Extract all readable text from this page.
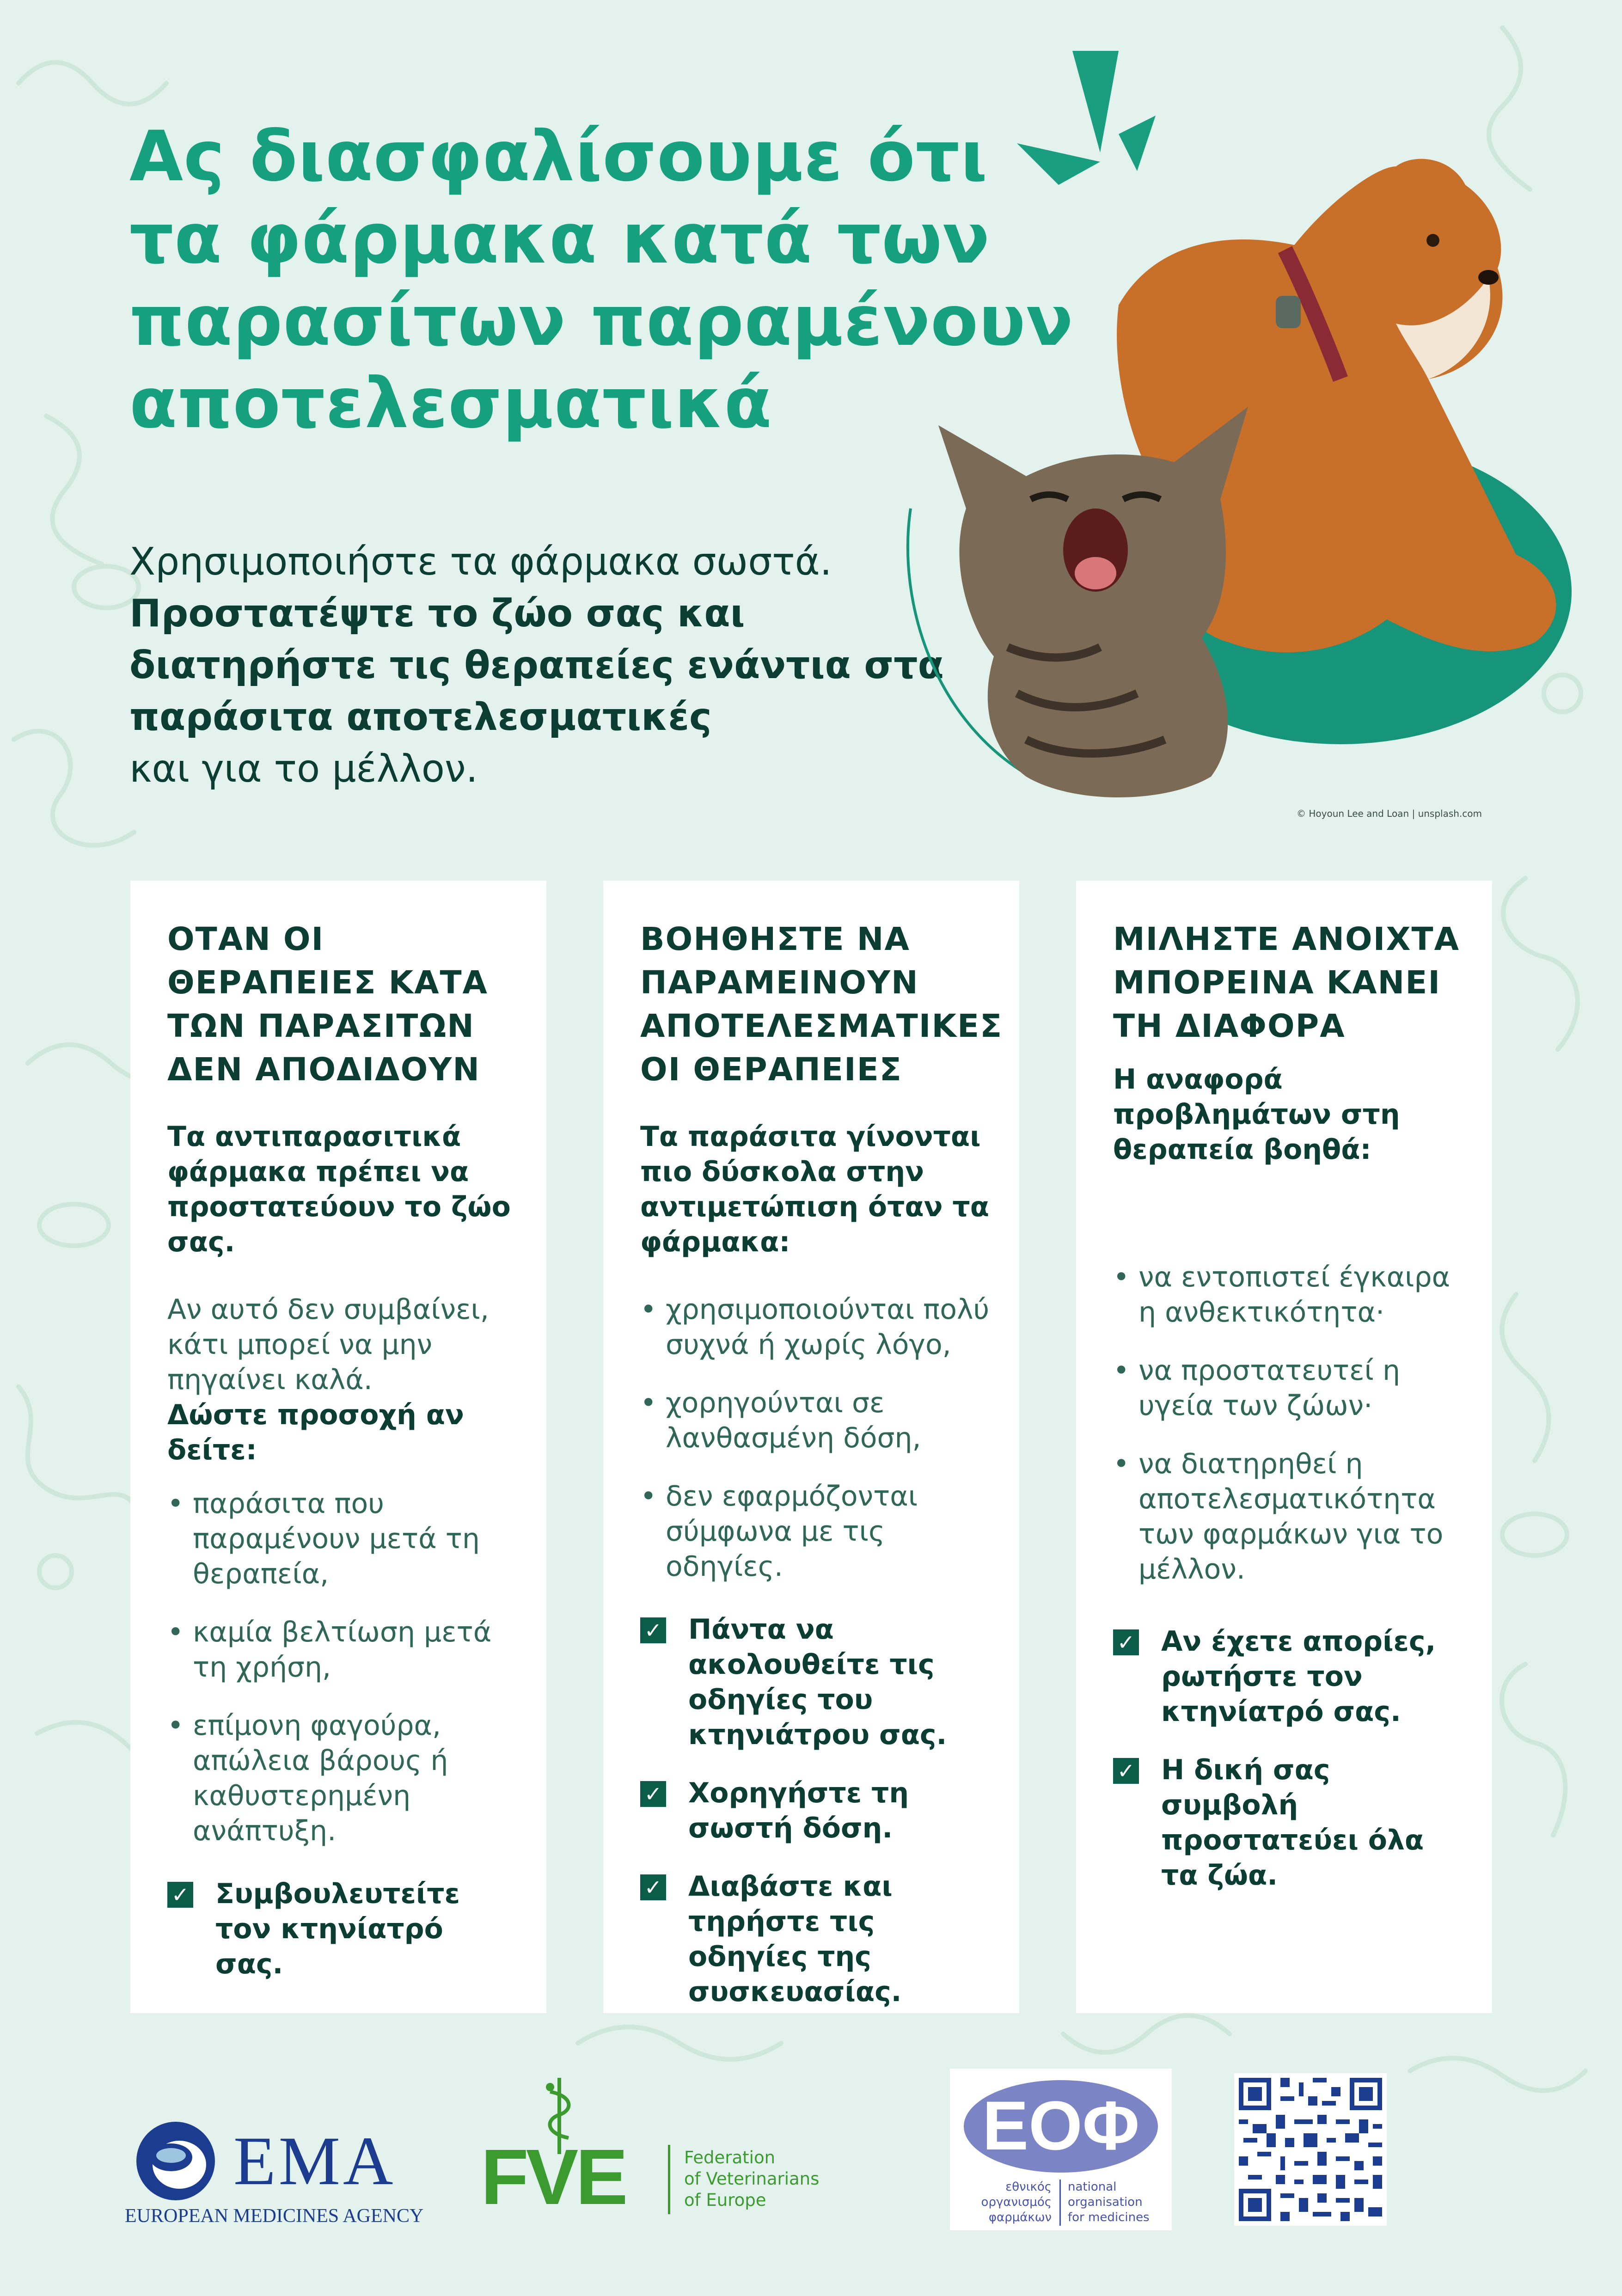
Ας διασφαλίσουμε ότι τα φάρμακα κατά των παρασίτων παραμένουν αποτελεσματικά
Χρησιμοποιήστε τα φάρμακα σωστά.
Προστατέψτε το ζώο σας και διατηρήστε τις θεραπείες ενάντια στα παράσιτα αποτελεσματικές
και για το μέλλον.
© Hoyoun Lee and Loan | unsplash.com
ΟΤΑΝ ΟΙ ΘΕΡΑΠΕΙΕΣ ΚΑΤΑ ΤΩΝ ΠΑΡΑΣΙΤΩΝ ΔΕΝ ΑΠΟΔΙΔΟΥΝ

Τα αντιπαρασιτικά φάρμακα πρέπει να προστατεύουν το ζώο σας.

Αν αυτό δεν συμβαίνει, κάτι μπορεί να μην πηγαίνει καλά.

Δώστε προσοχή αν δείτε:

• παράσιτα που παραμένουν μετά τη θεραπεία,
• καμία βελτίωση μετά τη χρήση,
• επίμονη φαγούρα, απώλεια βάρους ή καθυστερημένη ανάπτυξη.
✓ Συμβουλευτείτε τον κτηνίατρό σας.
ΒΟΗΘΗΣΤΕ ΝΑ ΠΑΡΑΜΕΙΝΟΥΝ ΑΠΟΤΕΛΕΣΜΑΤΙΚΕΣ ΟΙ ΘΕΡΑΠΕΙΕΣ

Τα παράσιτα γίνονται πιο δύσκολα στην αντιμετώπιση όταν τα φάρμακα:

• χρησιμοποιούνται πολύ συχνά ή χωρίς λόγο,
• χορηγούνται σε λανθασμένη δόση,
• δεν εφαρμόζονται σύμφωνα με τις οδηγίες.
✓ Πάντα να ακολουθείτε τις οδηγίες του κτηνιάτρου σας.
✓ Χορηγήστε τη σωστή δόση.
✓ Διαβάστε και τηρήστε τις οδηγίες της συσκευασίας.
ΜΙΛΗΣΤΕ ΑΝΟΙΧΤΑ ΜΠΟΡΕΙΝΑ ΚΑΝΕΙ ΤΗ ΔΙΑΦΟΡΑ

Η αναφορά προβλημάτων στη θεραπεία βοηθά:

• να εντοπιστεί έγκαιρα η ανθεκτικότητα·
• να προστατευτεί η υγεία των ζώων·
• να διατηρηθεί η αποτελεσματικότητα των φαρμάκων για το μέλλον.
✓ Αν έχετε απορίες, ρωτήστε τον κτηνίατρό σας.
✓ Η δική σας συμβολή προστατεύει όλα τα ζώα.
EMA
EUROPEAN MEDICINES AGENCY FVE	Federation
of Veterinarians
of Europe
ΕΟΦ
εθνικός
οργανισμός
φαρμάκων
national
organisation
for medicines
